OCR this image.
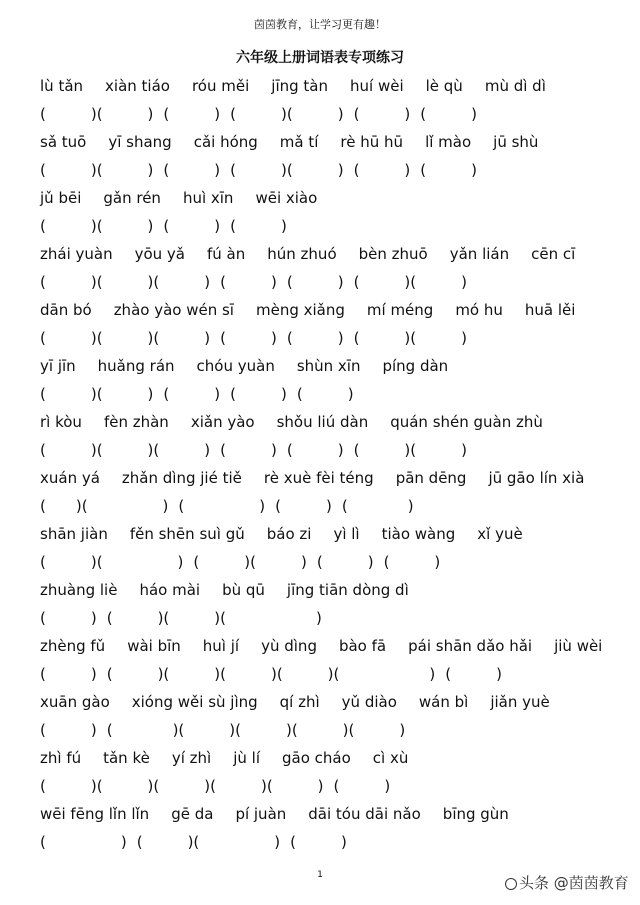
茵茵教育，让学习更有趣！
六年级上册词语表专项练习
lù tǎn xiàn tiáo róu měi jīng tàn huí wèi lè qù mù dì dì
(　　　)(　　　) (　　　) (　　　)(　　　) (　　　) (　　　)
sǎ tuō yī shang cǎi hóng mǎ tí rè hū hū lǐ mào jū shù
(　　　)(　　　) (　　　) (　　　)(　　　) (　　　) (　　　)
jǔ bēi gǎn rén huì xīn wēi xiào
(　　　)(　　　) (　　　) (　　　)
zhái yuàn yōu yǎ fú àn hún zhuó bèn zhuō yǎn lián cēn cī
(　　　)(　　　)(　　　) (　　　) (　　　) (　　　)(　　　)
dān bó zhào yào wén sī mèng xiǎng mí méng mó hu huā lěi
(　　　)(　　　)(　　　) (　　　) (　　　) (　　　)(　　　)
yī jīn huǎng rán chóu yuàn shùn xīn píng dàn
(　　　)(　　　) (　　　) (　　　) (　　　)
rì kòu fèn zhàn xiǎn yào shǒu liú dàn quán shén guàn zhù
(　　　)(　　　)(　　　) (　　　) (　　　) (　　　)(　　　)
xuán yá zhǎn dìng jié tiě rè xuè fèi téng pān dēng jū gāo lín xià
(　　)(　　　　　) (　　　　　) (　　　) (　　　　)
shān jiàn fěn shēn suì gǔ báo zi yì lì tiào wàng xǐ yuè
(　　　)(　　　　　) (　　　)(　　　) (　　　) (　　　)
zhuàng liè háo mài bù qū jīng tiān dòng dì
(　　　) (　　　)(　　　)(　　　　　　)
zhèng fǔ wài bīn huì jí yù dìng bào fā pái shān dǎo hǎi jiù wèi
(　　　) (　　　)(　　　)(　　　)(　　　)(　　　　　　) (　　　)
xuān gào xióng wěi sù jìng qí zhì yǔ diào wán bì jiǎn yuè
(　　　) (　　　　)(　　　)(　　　)(　　　)(　　　)
zhì fú tǎn kè yí zhì jù lí gāo cháo cì xù
(　　　)(　　　)(　　　)(　　　)(　　　) (　　　)
wēi fēng lǐn lǐn gē da pí juàn dāi tóu dāi nǎo bīng gùn
(　　　　　) (　　　)(　　　　　) (　　　)
1	头条 @茵茵教育
